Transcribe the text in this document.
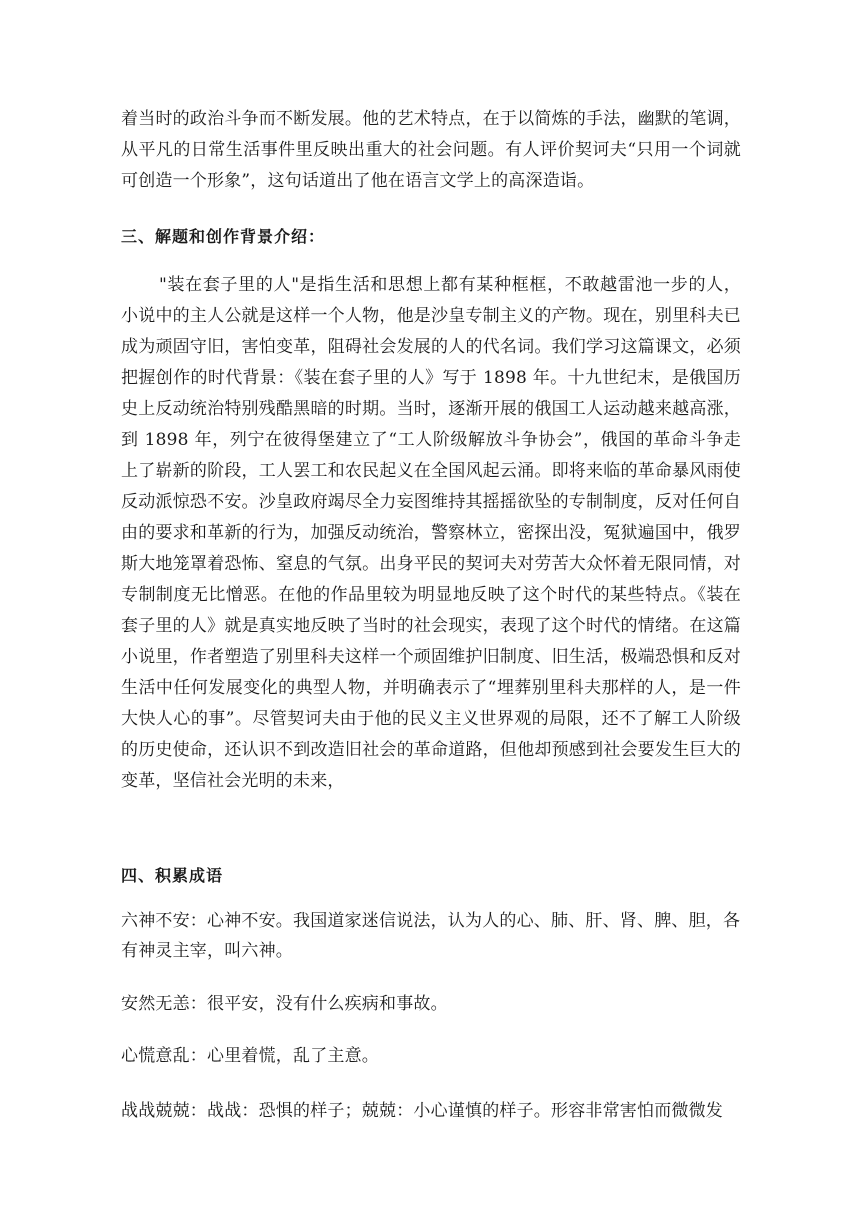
着当时的政治斗争而不断发展。他的艺术特点，在于以简炼的手法，幽默的笔调，从平凡的日常生活事件里反映出重大的社会问题。有人评价契诃夫“只用一个词就可创造一个形象”，这句话道出了他在语言文学上的高深造诣。
三、解题和创作背景介绍：
"装在套子里的人"是指生活和思想上都有某种框框，不敢越雷池一步的人，小说中的主人公就是这样一个人物，他是沙皇专制主义的产物。现在，别里科夫已成为顽固守旧，害怕变革，阻碍社会发展的人的代名词。我们学习这篇课文，必须把握创作的时代背景：《装在套子里的人》写于 1898 年。十九世纪末，是俄国历史上反动统治特别残酷黑暗的时期。当时，逐渐开展的俄国工人运动越来越高涨，到 1898 年，列宁在彼得堡建立了“工人阶级解放斗争协会”，俄国的革命斗争走上了崭新的阶段，工人罢工和农民起义在全国风起云涌。即将来临的革命暴风雨使反动派惊恐不安。沙皇政府竭尽全力妄图维持其摇摇欲坠的专制制度，反对任何自由的要求和革新的行为，加强反动统治，警察林立，密探出没，冤狱遍国中，俄罗斯大地笼罩着恐怖、窒息的气氛。出身平民的契诃夫对劳苦大众怀着无限同情，对专制制度无比憎恶。在他的作品里较为明显地反映了这个时代的某些特点。《装在套子里的人》就是真实地反映了当时的社会现实，表现了这个时代的情绪。在这篇小说里，作者塑造了别里科夫这样一个顽固维护旧制度、旧生活，极端恐惧和反对生活中任何发展变化的典型人物，并明确表示了“埋葬别里科夫那样的人，是一件大快人心的事”。尽管契诃夫由于他的民义主义世界观的局限，还不了解工人阶级的历史使命，还认识不到改造旧社会的革命道路，但他却预感到社会要发生巨大的变革，坚信社会光明的未来，
四、积累成语
六神不安：心神不安。我国道家迷信说法，认为人的心、肺、肝、肾、脾、胆，各有神灵主宰，叫六神。
安然无恙：很平安，没有什么疾病和事故。
心慌意乱：心里着慌，乱了主意。
战战兢兢：战战：恐惧的样子；兢兢：小心谨慎的样子。形容非常害怕而微微发
